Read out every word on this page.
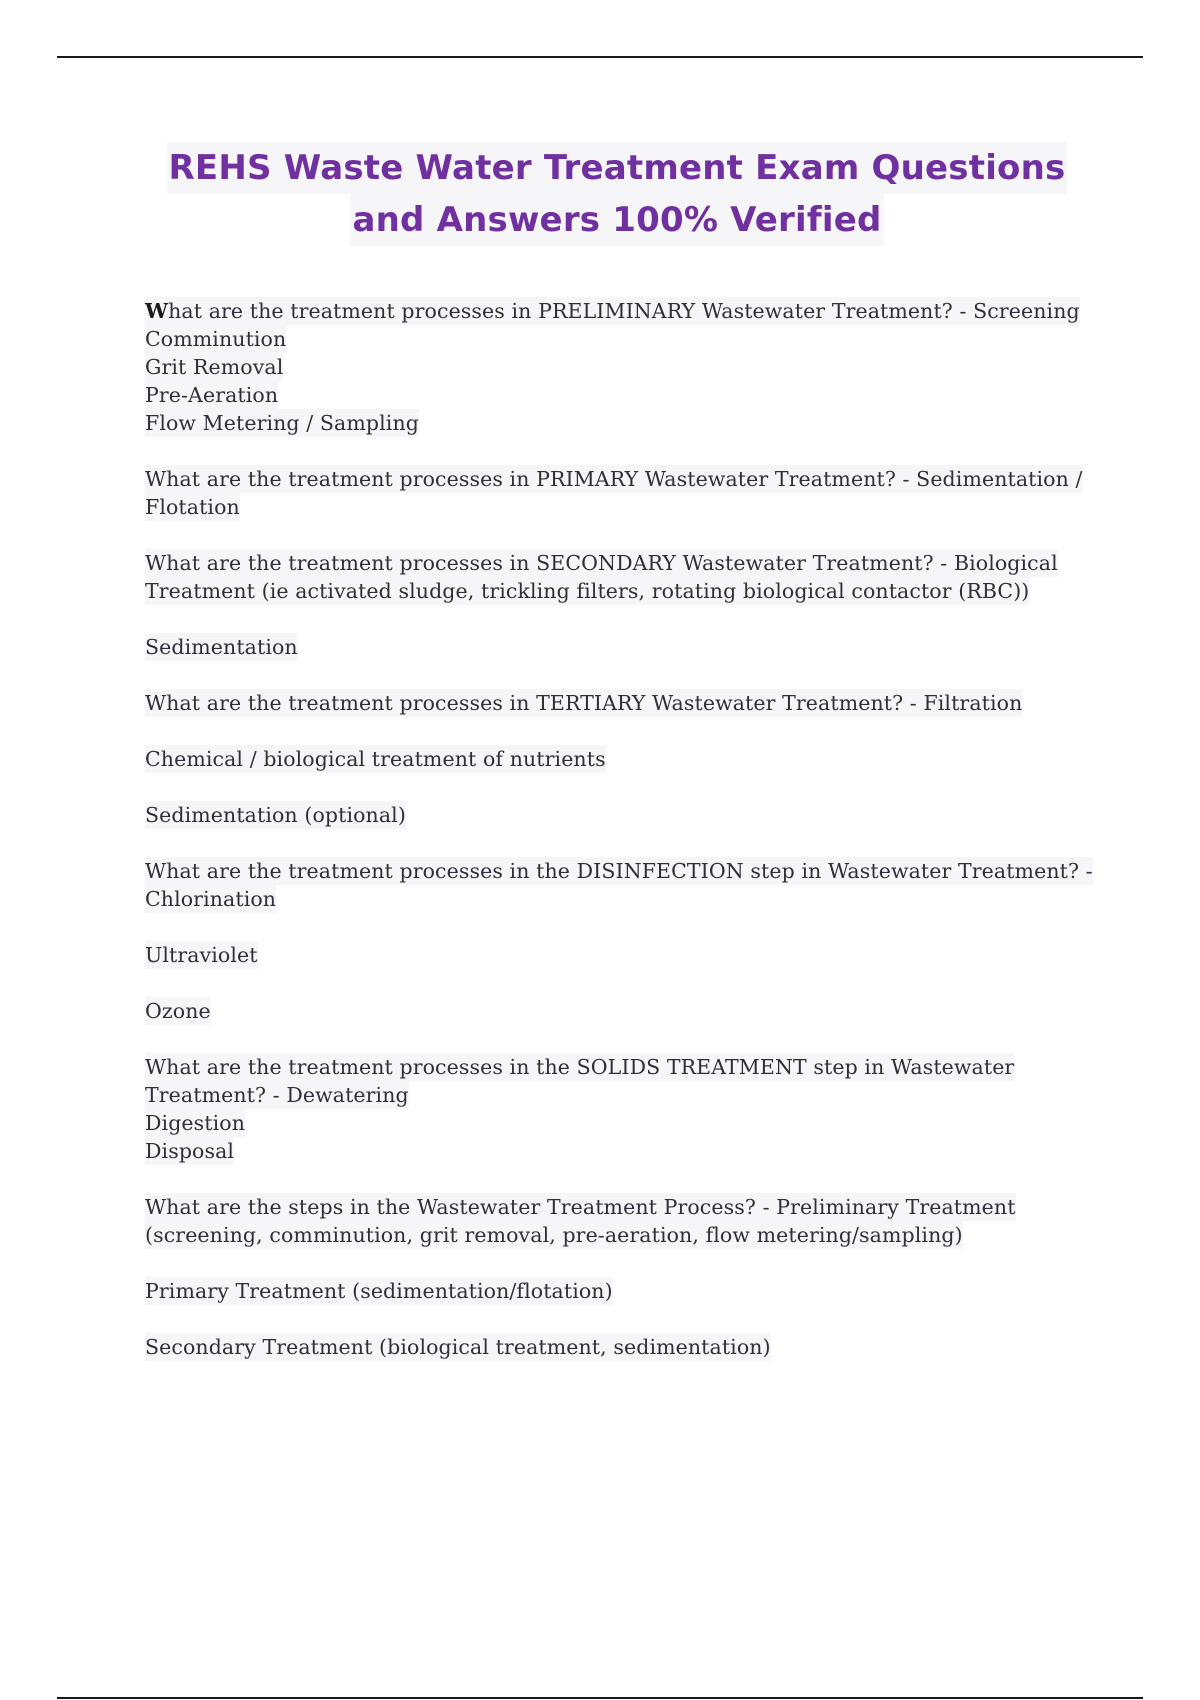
REHS Waste Water Treatment Exam Questions
and Answers 100% Verified
What are the treatment processes in PRELIMINARY Wastewater Treatment? - Screening
Comminution
Grit Removal
Pre-Aeration
Flow Metering / Sampling
What are the treatment processes in PRIMARY Wastewater Treatment? - Sedimentation /
Flotation
What are the treatment processes in SECONDARY Wastewater Treatment? - Biological
Treatment (ie activated sludge, trickling filters, rotating biological contactor (RBC))
Sedimentation
What are the treatment processes in TERTIARY Wastewater Treatment? - Filtration
Chemical / biological treatment of nutrients
Sedimentation (optional)
What are the treatment processes in the DISINFECTION step in Wastewater Treatment? -
Chlorination
Ultraviolet
Ozone
What are the treatment processes in the SOLIDS TREATMENT step in Wastewater
Treatment? - Dewatering
Digestion
Disposal
What are the steps in the Wastewater Treatment Process? - Preliminary Treatment
(screening, comminution, grit removal, pre-aeration, flow metering/sampling)
Primary Treatment (sedimentation/flotation)
Secondary Treatment (biological treatment, sedimentation)
